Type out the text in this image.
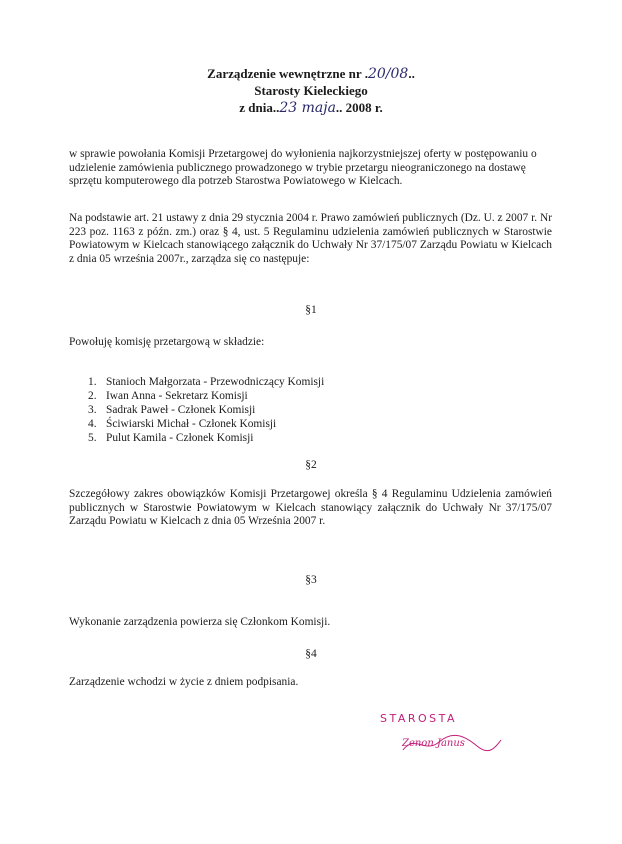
Zarządzenie wewnętrzne nr .20/08..
Starosty Kieleckiego
z dnia..23 maja.. 2008 r.
w sprawie powołania Komisji Przetargowej do wyłonienia najkorzystniejszej oferty w postępowaniu o udzielenie zamówienia publicznego prowadzonego w trybie przetargu nieograniczonego na dostawę sprzętu komputerowego dla potrzeb Starostwa Powiatowego w Kielcach.
Na podstawie art. 21 ustawy z dnia 29 stycznia 2004 r. Prawo zamówień publicznych (Dz. U. z 2007 r. Nr 223 poz. 1163 z późn. zm.) oraz § 4, ust. 5 Regulaminu udzielenia zamówień publicznych w Starostwie Powiatowym w Kielcach stanowiącego załącznik do Uchwały Nr 37/175/07 Zarządu Powiatu w Kielcach z dnia 05 września 2007r., zarządza się co następuje:
§1
Powołuję komisję przetargową w składzie:
1. Stanioch Małgorzata - Przewodniczący Komisji
2. Iwan Anna - Sekretarz Komisji
3. Sadrak Paweł - Członek Komisji
4. Ściwiarski Michał - Członek Komisji
5. Pulut Kamila - Członek Komisji
§2
Szczegółowy zakres obowiązków Komisji Przetargowej określa § 4 Regulaminu Udzielenia zamówień publicznych w Starostwie Powiatowym w Kielcach stanowiący załącznik do Uchwały Nr 37/175/07 Zarządu Powiatu w Kielcach z dnia 05 Września 2007 r.
§3
Wykonanie zarządzenia powierza się Członkom Komisji.
§4
Zarządzenie wchodzi w życie z dniem podpisania.
STAROSTA
Zenon Janus
